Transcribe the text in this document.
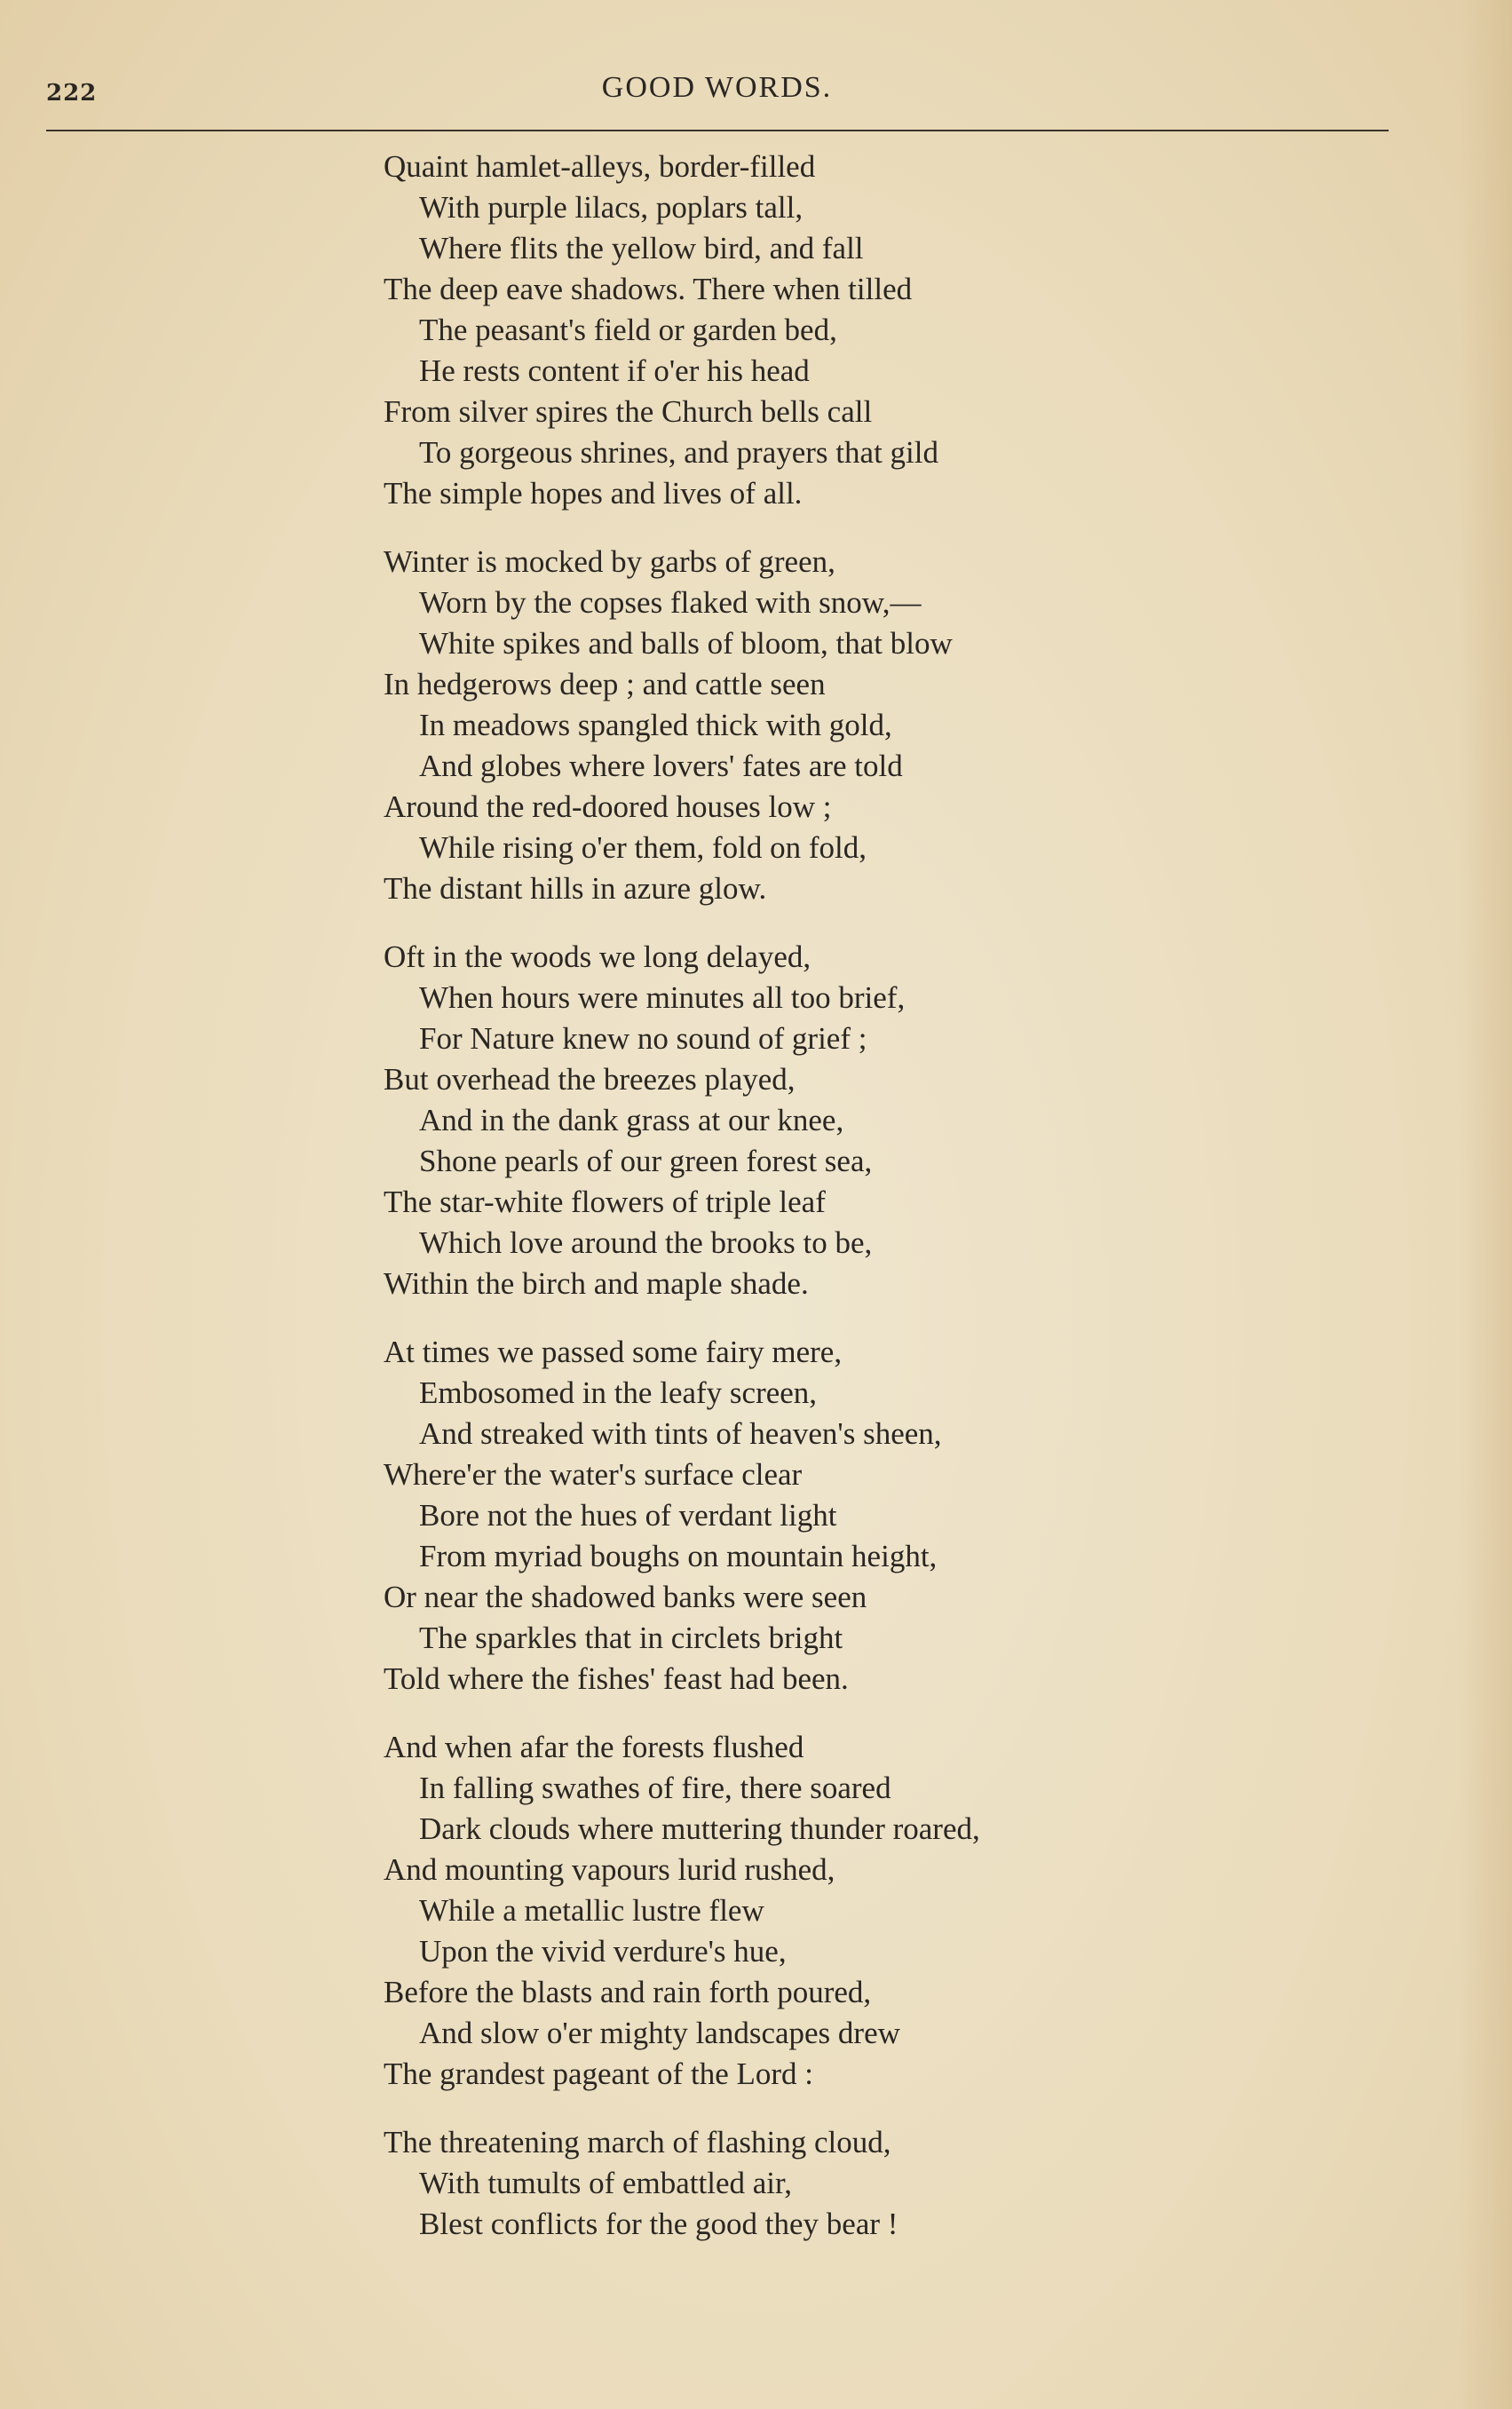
222	GOOD WORDS.
Quaint hamlet-alleys, border-filled
With purple lilacs, poplars tall,
Where flits the yellow bird, and fall
The deep eave shadows. There when tilled
The peasant's field or garden bed,
He rests content if o'er his head
From silver spires the Church bells call
To gorgeous shrines, and prayers that gild
The simple hopes and lives of all.
Winter is mocked by garbs of green,
Worn by the copses flaked with snow,—
White spikes and balls of bloom, that blow
In hedgerows deep ; and cattle seen
In meadows spangled thick with gold,
And globes where lovers' fates are told
Around the red-doored houses low ;
While rising o'er them, fold on fold,
The distant hills in azure glow.
Oft in the woods we long delayed,
When hours were minutes all too brief,
For Nature knew no sound of grief ;
But overhead the breezes played,
And in the dank grass at our knee,
Shone pearls of our green forest sea,
The star-white flowers of triple leaf
Which love around the brooks to be,
Within the birch and maple shade.
At times we passed some fairy mere,
Embosomed in the leafy screen,
And streaked with tints of heaven's sheen,
Where'er the water's surface clear
Bore not the hues of verdant light
From myriad boughs on mountain height,
Or near the shadowed banks were seen
The sparkles that in circlets bright
Told where the fishes' feast had been.
And when afar the forests flushed
In falling swathes of fire, there soared
Dark clouds where muttering thunder roared,
And mounting vapours lurid rushed,
While a metallic lustre flew
Upon the vivid verdure's hue,
Before the blasts and rain forth poured,
And slow o'er mighty landscapes drew
The grandest pageant of the Lord :
The threatening march of flashing cloud,
With tumults of embattled air,
Blest conflicts for the good they bear !
